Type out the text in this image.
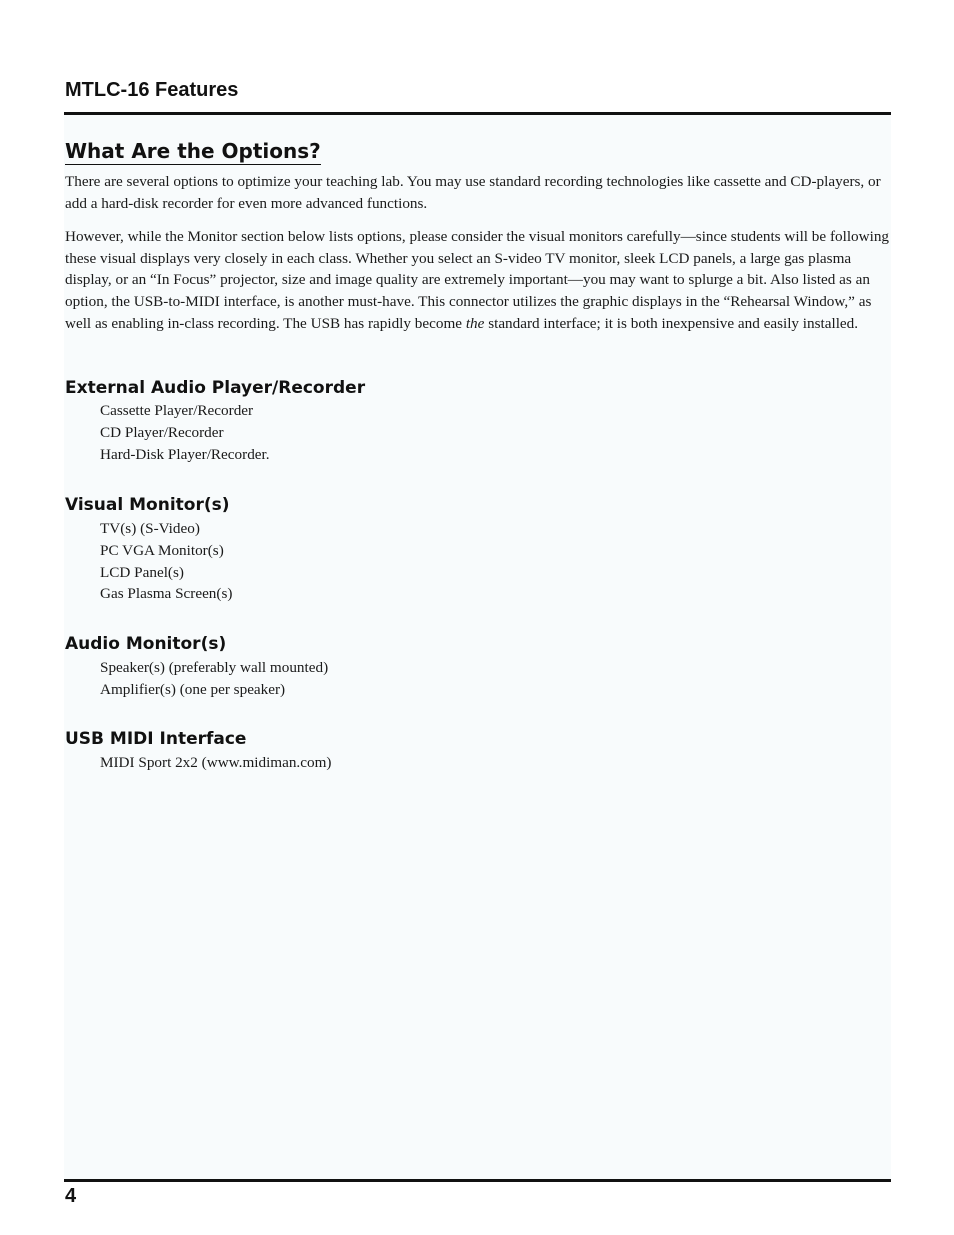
MTLC-16 Features
What Are the Options?

There are several options to optimize your teaching lab. You may use standard recording technologies like cassette and CD-players, or add a hard-disk recorder for even more advanced functions.

However, while the Monitor section below lists options, please consider the visual monitors carefully—since students will be following these visual displays very closely in each class. Whether you select an S-video TV monitor, sleek LCD panels, a large gas plasma display, or an “In Focus” projector, size and image quality are extremely important—you may want to splurge a bit. Also listed as an option, the USB-to-MIDI interface, is another must-have. This connector utilizes the graphic displays in the “Rehearsal Window,” as well as enabling in-class recording. The USB has rapidly become the standard interface; it is both inexpensive and easily installed.

External Audio Player/Recorder
Cassette Player/Recorder
CD Player/Recorder
Hard-Disk Player/Recorder.
Visual Monitor(s)
TV(s) (S-Video)
PC VGA Monitor(s)
LCD Panel(s)
Gas Plasma Screen(s)
Audio Monitor(s)
Speaker(s) (preferably wall mounted)
Amplifier(s) (one per speaker)
USB MIDI Interface
MIDI Sport 2x2 (www.midiman.com)
4
